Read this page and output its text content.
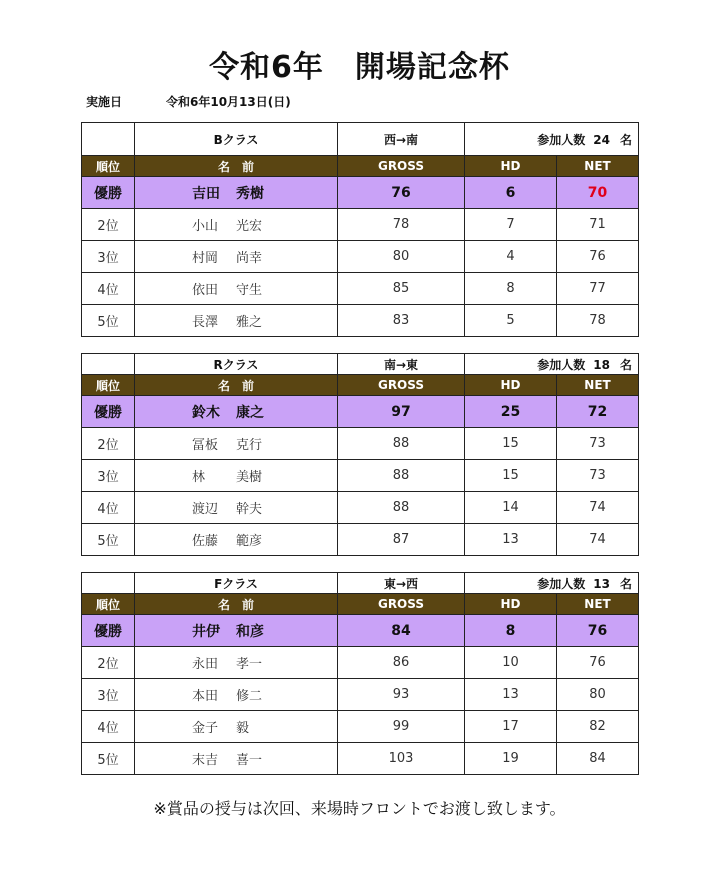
令和6年　開場記念杯
実施日	令和6年10月13日(日)
	Bクラス	西→南	参加人数 24 名	
順位	名　前	GROSS	HD	NET
優勝	吉田 秀樹	76	6	70
2位	小山 光宏	78	7	71
3位	村岡 尚幸	80	4	76
4位	依田 守生	85	8	77
5位	長澤 雅之	83	5	78
	Rクラス	南→東	参加人数 18 名	
順位	名　前	GROSS	HD	NET
優勝	鈴木 康之	97	25	72
2位	冨板 克行	88	15	73
3位	林 美樹	88	15	73
4位	渡辺 幹夫	88	14	74
5位	佐藤 範彦	87	13	74
	Fクラス	東→西	参加人数 13 名	
順位	名　前	GROSS	HD	NET
優勝	井伊 和彦	84	8	76
2位	永田 孝一	86	10	76
3位	本田 修二	93	13	80
4位	金子 毅	99	17	82
5位	末吉 喜一	103	19	84
※賞品の授与は次回、来場時フロントでお渡し致します。
